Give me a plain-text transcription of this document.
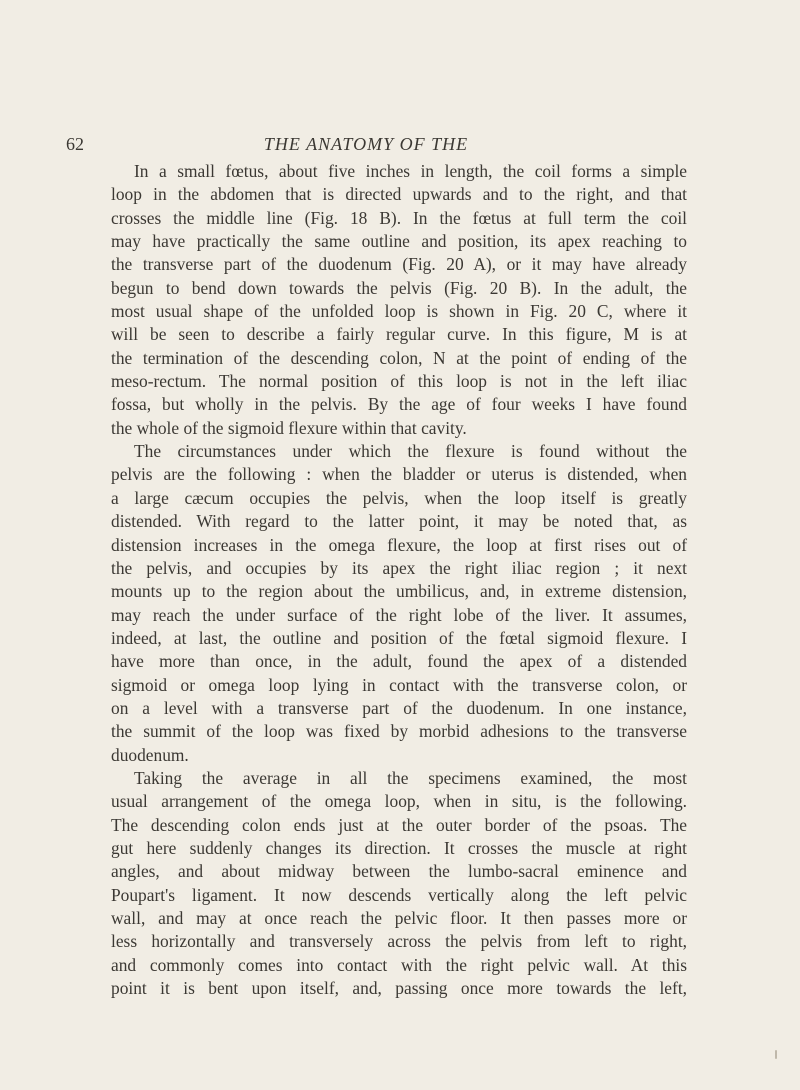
62	THE ANATOMY OF THE

In a small fœtus, about five inches in length, the coil forms a simple
loop in the abdomen that is directed upwards and to the right, and that
crosses the middle line (Fig. 18 B). In the fœtus at full term the coil
may have practically the same outline and position, its apex reaching to
the transverse part of the duodenum (Fig. 20 A), or it may have already
begun to bend down towards the pelvis (Fig. 20 B). In the adult, the
most usual shape of the unfolded loop is shown in Fig. 20 C, where it
will be seen to describe a fairly regular curve. In this figure, M is at
the termination of the descending colon, N at the point of ending of the
meso-rectum. The normal position of this loop is not in the left iliac
fossa, but wholly in the pelvis. By the age of four weeks I have found
the whole of the sigmoid flexure within that cavity.

The circumstances under which the flexure is found without the
pelvis are the following : when the bladder or uterus is distended, when
a large cæcum occupies the pelvis, when the loop itself is greatly
distended. With regard to the latter point, it may be noted that, as
distension increases in the omega flexure, the loop at first rises out of
the pelvis, and occupies by its apex the right iliac region ; it next
mounts up to the region about the umbilicus, and, in extreme distension,
may reach the under surface of the right lobe of the liver. It assumes,
indeed, at last, the outline and position of the fœtal sigmoid flexure. I
have more than once, in the adult, found the apex of a distended
sigmoid or omega loop lying in contact with the transverse colon, or
on a level with a transverse part of the duodenum. In one instance,
the summit of the loop was fixed by morbid adhesions to the transverse
duodenum.

Taking the average in all the specimens examined, the most
usual arrangement of the omega loop, when in situ, is the following.
The descending colon ends just at the outer border of the psoas. The
gut here suddenly changes its direction. It crosses the muscle at right
angles, and about midway between the lumbo-sacral eminence and
Poupart's ligament. It now descends vertically along the left pelvic
wall, and may at once reach the pelvic floor. It then passes more or
less horizontally and transversely across the pelvis from left to right,
and commonly comes into contact with the right pelvic wall. At this
point it is bent upon itself, and, passing once more towards the left,
